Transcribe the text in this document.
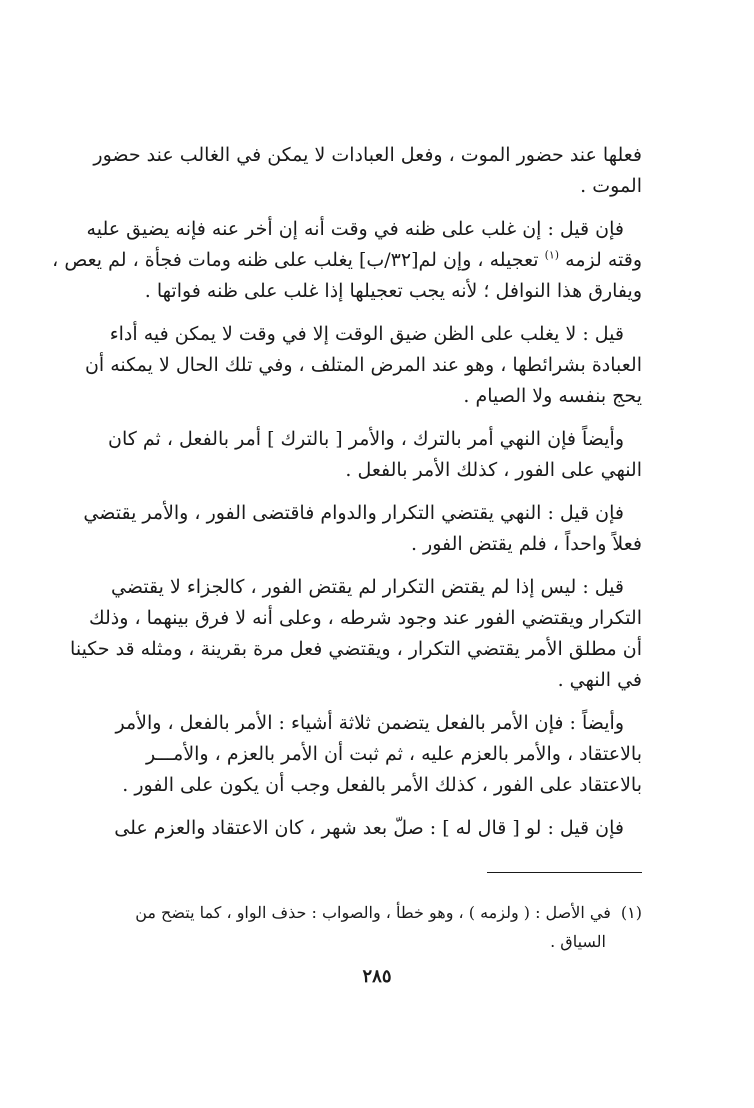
فعلها عند حضور الموت ، وفعل العبادات لا يمكن في الغالب عند حضور
الموت .

فإن قيل : إن غلب على ظنه في وقت أنه إن أخر عنه فإنه يضيق عليه
وقته لزمه $^{(١)}$ تعجيله ، وإن لم[٣٢/ب] يغلب على ظنه ومات فجأة ، لم يعص ،
ويفارق هذا النوافل ؛ لأنه يجب تعجيلها إذا غلب على ظنه فواتها .

قيل : لا يغلب على الظن ضيق الوقت إلا في وقت لا يمكن فيه أداء
العبادة بشرائطها ، وهو عند المرض المتلف ، وفي تلك الحال لا يمكنه أن
يحج بنفسه ولا الصيام .

وأيضاً فإن النهي أمر بالترك ، والأمر [ بالترك ] أمر بالفعل ، ثم كان
النهي على الفور ، كذلك الأمر بالفعل .

فإن قيل : النهي يقتضي التكرار والدوام فاقتضى الفور ، والأمر يقتضي
فعلاً واحداً ، فلم يقتض الفور .

قيل : ليس إذا لم يقتض التكرار لم يقتض الفور ، كالجزاء لا يقتضي
التكرار ويقتضي الفور عند وجود شرطه ، وعلى أنه لا فرق بينهما ، وذلك
أن مطلق الأمر يقتضي التكرار ، ويقتضي فعل مرة بقرينة ، ومثله قد حكينا
في النهي .

وأيضاً : فإن الأمر بالفعل يتضمن ثلاثة أشياء : الأمر بالفعل ، والأمر
بالاعتقاد ، والأمر بالعزم عليه ، ثم ثبت أن الأمر بالعزم ، والأمـــر
بالاعتقاد على الفور ، كذلك الأمر بالفعل وجب أن يكون على الفور .

فإن قيل : لو [ قال له ] : صلّ بعد شهر ، كان الاعتقاد والعزم على

(١)في الأصل : ( ولزمه ) ، وهو خطأ ، والصواب : حذف الواو ، كما يتضح من
السياق .
٢٨٥
